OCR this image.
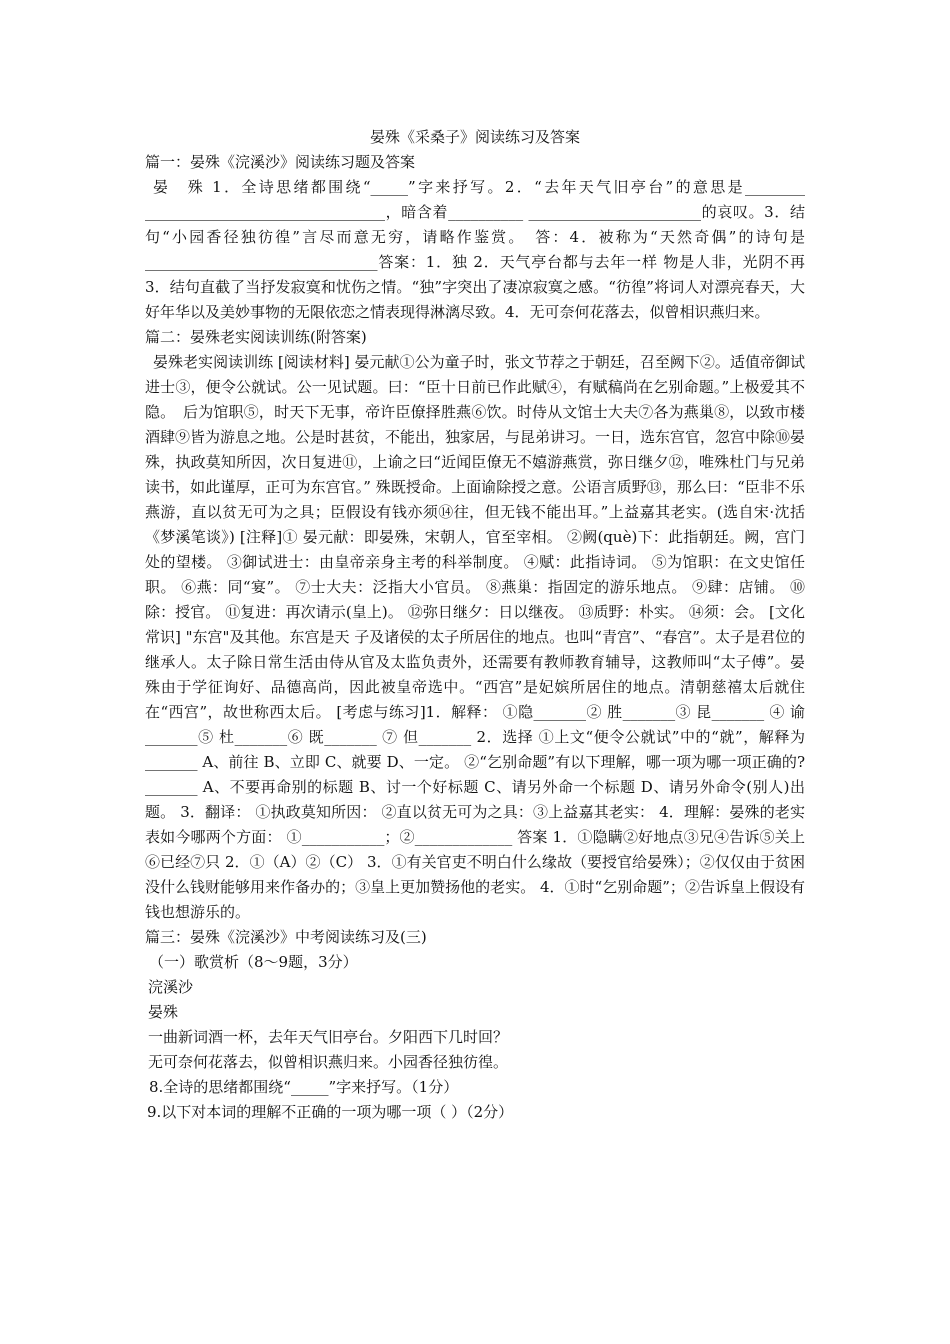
晏殊《采桑子》阅读练习及答案

篇一：晏殊《浣溪沙》阅读练习题及答案

晏　殊 1．全诗思绪都围绕“_____”字来抒写。2．“去年天气旧亭台”的意思是________ ________________________________，暗含着__________ _______________________的哀叹。3．结句“小园香径独彷徨”言尽而意无穷，请略作鉴赏。　答：4．被称为“天然奇偶”的诗句是_______________________________答案：1．独 2．天气亭台都与去年一样 物是人非，光阴不再 3．结句直截了当抒发寂寞和忧伤之情。“独”字突出了凄凉寂寞之感。“彷徨”将词人对漂亮春天，大好年华以及美妙事物的无限依恋之情表现得淋漓尽致。4．无可奈何花落去，似曾相识燕归来。

篇二：晏殊老实阅读训练(附答案)

晏殊老实阅读训练 [阅读材料] 晏元献①公为童子时，张文节荐之于朝廷，召至阙下②。适值帝御试进士③，便令公就试。公一见试题。曰：“臣十日前已作此赋④，有赋稿尚在乞别命题。”上极爱其不隐。　后为馆职⑤，时天下无事，帝许臣僚择胜燕⑥饮。时侍从文馆士大夫⑦各为燕巢⑧，以致市楼酒肆⑨皆为游息之地。公是时甚贫，不能出，独家居，与昆弟讲习。一日，选东宫官，忽宫中除⑩晏殊，执政莫知所因，次日复进⑪，上谕之曰“近闻臣僚无不嬉游燕赏，弥日继夕⑫，唯殊杜门与兄弟读书，如此谨厚，正可为东宫官。” 殊既授命。上面谕除授之意。公语言质野⑬，那么曰：“臣非不乐燕游，直以贫无可为之具；臣假设有钱亦须⑭往，但无钱不能出耳。”上益嘉其老实。(选自宋·沈括《梦溪笔谈》) [注释]① 晏元献：即晏殊，宋朝人，官至宰相。 ②阙(què)下：此指朝廷。阙，宫门处的望楼。 ③御试进士：由皇帝亲身主考的科举制度。 ④赋：此指诗词。 ⑤为馆职：在文史馆任职。 ⑥燕：同“宴”。 ⑦士大夫：泛指大小官员。 ⑧燕巢：指固定的游乐地点。 ⑨肆：店铺。 ⑩除：授官。 ⑪复进：再次请示(皇上)。 ⑫弥日继夕：日以继夜。 ⑬质野：朴实。 ⑭须：会。 [文化常识] "东宫"及其他。东宫是天 子及诸侯的太子所居住的地点。也叫“青宫”、“春宫”。太子是君位的继承人。太子除日常生活由侍从官及太监负责外，还需要有教师教育辅导，这教师叫“太子傅”。晏殊由于学征询好、品德高尚，因此被皇帝选中。“西宫”是妃嫔所居住的地点。清朝慈禧太后就住在“西宫”，故世称西太后。 [考虑与练习]1．解释： ①隐_______② 胜_______③ 昆_______ ④ 谕_______⑤ 杜_______⑥ 既_______ ⑦ 但_______ 2．选择 ①上文“便令公就试”中的“就”，解释为_______ A、前往 B、立即 C、就要 D、一定。 ②“乞别命题”有以下理解，哪一项为哪一项正确的? _______ A、不要再命别的标题 B、讨一个好标题 C、请另外命一个标题 D、请另外命令(别人)出题。 3．翻译： ①执政莫知所因： ②直以贫无可为之具：③上益嘉其老实： 4．理解：晏殊的老实表如今哪两个方面： ①___________；②_____________ 答案 1．①隐瞒②好地点③兄④告诉⑤关上⑥已经⑦只 2．①（A）②（C） 3．①有关官吏不明白什么缘故（要授官给晏殊）；②仅仅由于贫困没什么钱财能够用来作备办的；③皇上更加赞扬他的老实。 4．①时“乞别命题”；②告诉皇上假设有钱也想游乐的。

篇三：晏殊《浣溪沙》中考阅读练习及(三)

（一）歌赏析（8～9题，3分）

浣溪沙

晏殊

一曲新词酒一杯，去年天气旧亭台。夕阳西下几时回？

无可奈何花落去，似曾相识燕归来。小园香径独彷徨。

8.全诗的思绪都围绕“_____”字来抒写。（1分）

9.以下对本词的理解不正确的一项为哪一项（ ）（2分）
